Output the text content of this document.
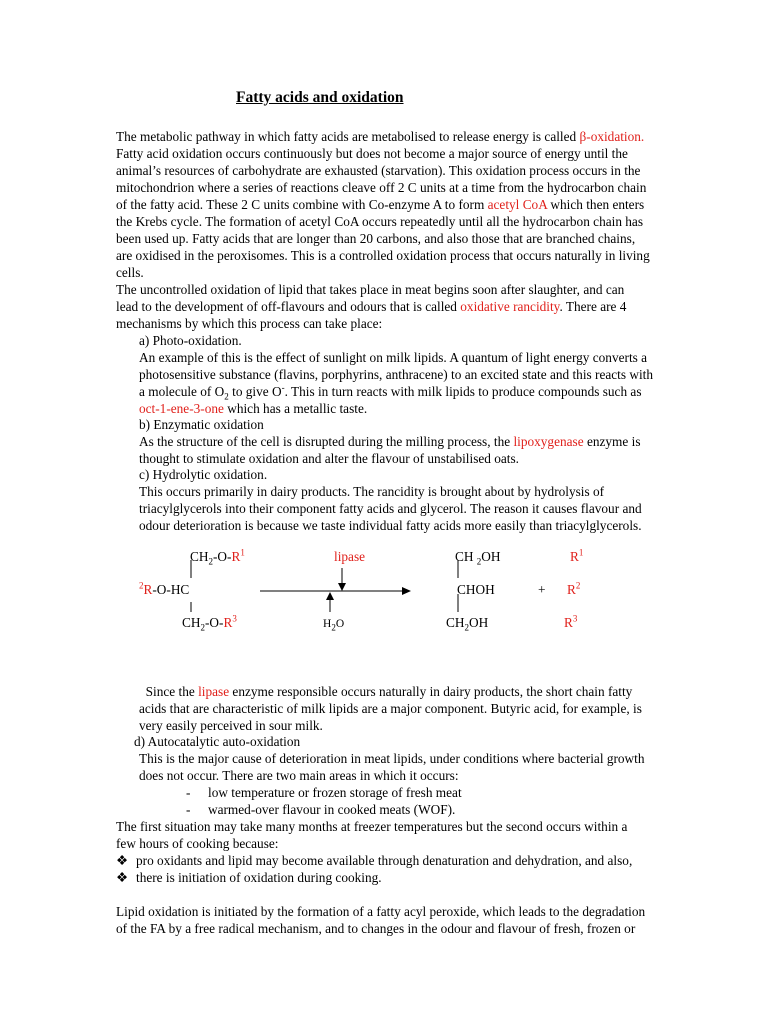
Fatty acids and oxidation
The metabolic pathway in which fatty acids are metabolised to release energy is called β-oxidation.
Fatty acid oxidation occurs continuously but does not become a major source of energy until the
animal’s resources of carbohydrate are exhausted (starvation). This oxidation process occurs in the
mitochondrion where a series of reactions cleave off 2 C units at a time from the hydrocarbon chain
of the fatty acid. These 2 C units combine with Co-enzyme A to form acetyl CoA which then enters
the Krebs cycle. The formation of acetyl CoA occurs repeatedly until all the hydrocarbon chain has
been used up. Fatty acids that are longer than 20 carbons, and also those that are branched chains,
are oxidised in the peroxisomes. This is a controlled oxidation process that occurs naturally in living
cells.
The uncontrolled oxidation of lipid that takes place in meat begins soon after slaughter, and can
lead to the development of off-flavours and odours that is called oxidative rancidity. There are 4
mechanisms by which this process can take place:
a) Photo-oxidation.
An example of this is the effect of sunlight on milk lipids. A quantum of light energy converts a
photosensitive substance (flavins, porphyrins, anthracene) to an excited state and this reacts with
a molecule of $O_2$ to give O-. This in turn reacts with milk lipids to produce compounds such as
oct-1-ene-3-one which has a metallic taste.
b) Enzymatic oxidation
As the structure of the cell is disrupted during the milling process, the lipoxygenase enzyme is
thought to stimulate oxidation and alter the flavour of unstabilised oats.
c) Hydrolytic oxidation.
This occurs primarily in dairy products. The rancidity is brought about by hydrolysis of
triacylglycerols into their component fatty acids and glycerol. The reason it causes flavour and
odour deterioration is because we taste individual fatty acids more easily than triacylglycerols.
$CH_2-O-R^1$
$^2$R-O-HC
$CH_2-O-R^3$
lipase
$H_2O$
CH $_2$OH
CHOH
$CH_2OH$
+
$R^1$
$R^2$
$R^3$
Since the lipase enzyme responsible occurs naturally in dairy products, the short chain fatty
acids that are characteristic of milk lipids are a major component. Butyric acid, for example, is
very easily perceived in sour milk.
d) Autocatalytic auto-oxidation
This is the major cause of deterioration in meat lipids, under conditions where bacterial growth
does not occur. There are two main areas in which it occurs:
- low temperature or frozen storage of fresh meat
- warmed-over flavour in cooked meats (WOF).
The first situation may take many months at freezer temperatures but the second occurs within a
few hours of cooking because:
❖ pro oxidants and lipid may become available through denaturation and dehydration, and also,
❖ there is initiation of oxidation during cooking.
Lipid oxidation is initiated by the formation of a fatty acyl peroxide, which leads to the degradation
of the FA by a free radical mechanism, and to changes in the odour and flavour of fresh, frozen or
